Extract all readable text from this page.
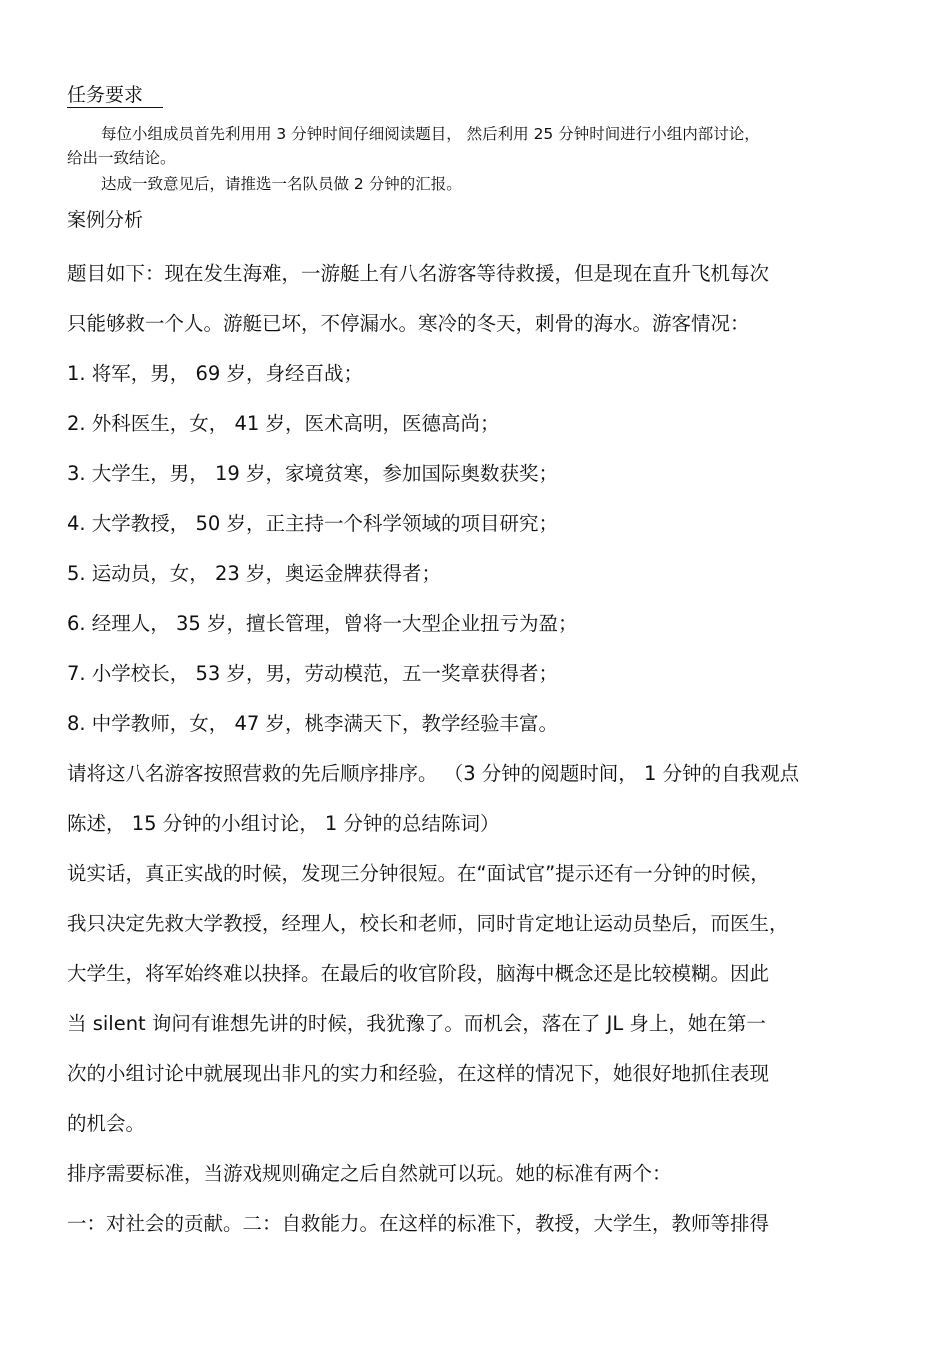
任务要求
每位小组成员首先利用用 3 分钟时间仔细阅读题目， 然后利用 25 分钟时间进行小组内部讨论，
给出一致结论。
达成一致意见后，请推选一名队员做 2 分钟的汇报。
案例分析
题目如下：现在发生海难，一游艇上有八名游客等待救援，但是现在直升飞机每次
只能够救一个人。游艇已坏，不停漏水。寒冷的冬天，刺骨的海水。游客情况：
1. 将军，男， 69 岁，身经百战；
2. 外科医生，女， 41 岁，医术高明，医德高尚；
3. 大学生，男， 19 岁，家境贫寒，参加国际奥数获奖；
4. 大学教授， 50 岁，正主持一个科学领域的项目研究；
5. 运动员，女， 23 岁，奥运金牌获得者；
6. 经理人， 35 岁，擅长管理，曾将一大型企业扭亏为盈；
7. 小学校长， 53 岁，男，劳动模范，五一奖章获得者；
8. 中学教师，女， 47 岁，桃李满天下，教学经验丰富。
请将这八名游客按照营救的先后顺序排序。 （3 分钟的阅题时间， 1 分钟的自我观点
陈述， 15 分钟的小组讨论， 1 分钟的总结陈词）
说实话，真正实战的时候，发现三分钟很短。在“面试官”提示还有一分钟的时候，
我只决定先救大学教授，经理人，校长和老师，同时肯定地让运动员垫后，而医生，
大学生，将军始终难以抉择。在最后的收官阶段，脑海中概念还是比较模糊。因此
当 silent 询问有谁想先讲的时候，我犹豫了。而机会，落在了 JL 身上，她在第一
次的小组讨论中就展现出非凡的实力和经验，在这样的情况下，她很好地抓住表现
的机会。
排序需要标准，当游戏规则确定之后自然就可以玩。她的标准有两个：
一：对社会的贡献。二：自救能力。在这样的标准下，教授，大学生，教师等排得
